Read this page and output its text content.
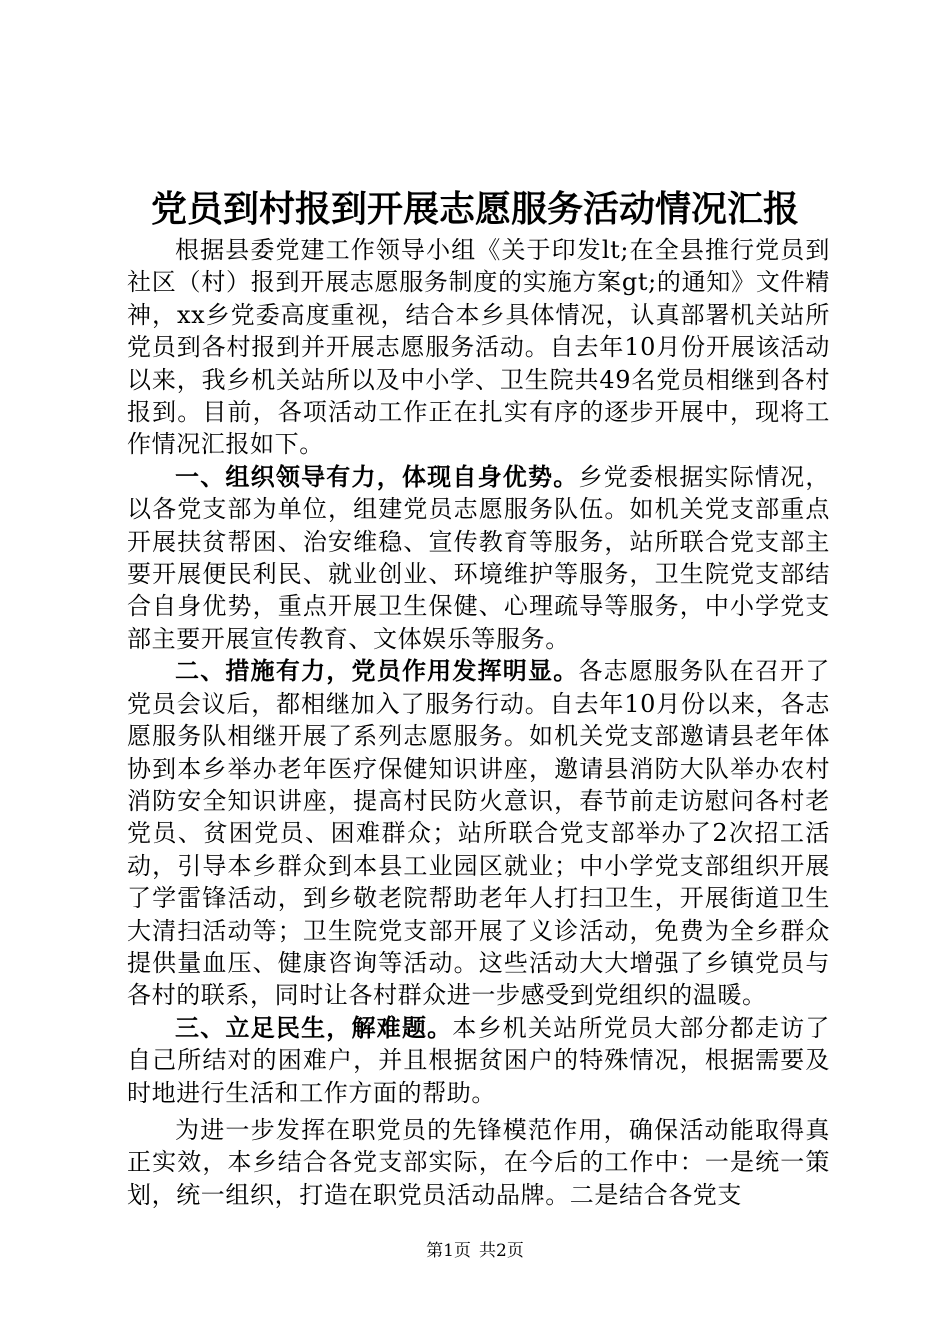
党员到村报到开展志愿服务活动情况汇报

根据县委党建工作领导小组《关于印发lt;在全县推行党员到社区（村）报到开展志愿服务制度的实施方案gt;的通知》文件精神，xx乡党委高度重视，结合本乡具体情况，认真部署机关站所党员到各村报到并开展志愿服务活动。自去年10月份开展该活动以来，我乡机关站所以及中小学、卫生院共49名党员相继到各村报到。目前，各项活动工作正在扎实有序的逐步开展中，现将工作情况汇报如下。

一、组织领导有力，体现自身优势。乡党委根据实际情况，以各党支部为单位，组建党员志愿服务队伍。如机关党支部重点开展扶贫帮困、治安维稳、宣传教育等服务，站所联合党支部主要开展便民利民、就业创业、环境维护等服务，卫生院党支部结合自身优势，重点开展卫生保健、心理疏导等服务，中小学党支部主要开展宣传教育、文体娱乐等服务。

二、措施有力，党员作用发挥明显。各志愿服务队在召开了党员会议后，都相继加入了服务行动。自去年10月份以来，各志愿服务队相继开展了系列志愿服务。如机关党支部邀请县老年体协到本乡举办老年医疗保健知识讲座，邀请县消防大队举办农村消防安全知识讲座，提高村民防火意识，春节前走访慰问各村老党员、贫困党员、困难群众；站所联合党支部举办了2次招工活动，引导本乡群众到本县工业园区就业；中小学党支部组织开展了学雷锋活动，到乡敬老院帮助老年人打扫卫生，开展街道卫生大清扫活动等；卫生院党支部开展了义诊活动，免费为全乡群众提供量血压、健康咨询等活动。这些活动大大增强了乡镇党员与各村的联系，同时让各村群众进一步感受到党组织的温暖。

三、立足民生，解难题。本乡机关站所党员大部分都走访了自己所结对的困难户，并且根据贫困户的特殊情况，根据需要及时地进行生活和工作方面的帮助。

为进一步发挥在职党员的先锋模范作用，确保活动能取得真正实效，本乡结合各党支部实际，在今后的工作中：一是统一策划，统一组织，打造在职党员活动品牌。二是结合各党支

第1页 共2页
